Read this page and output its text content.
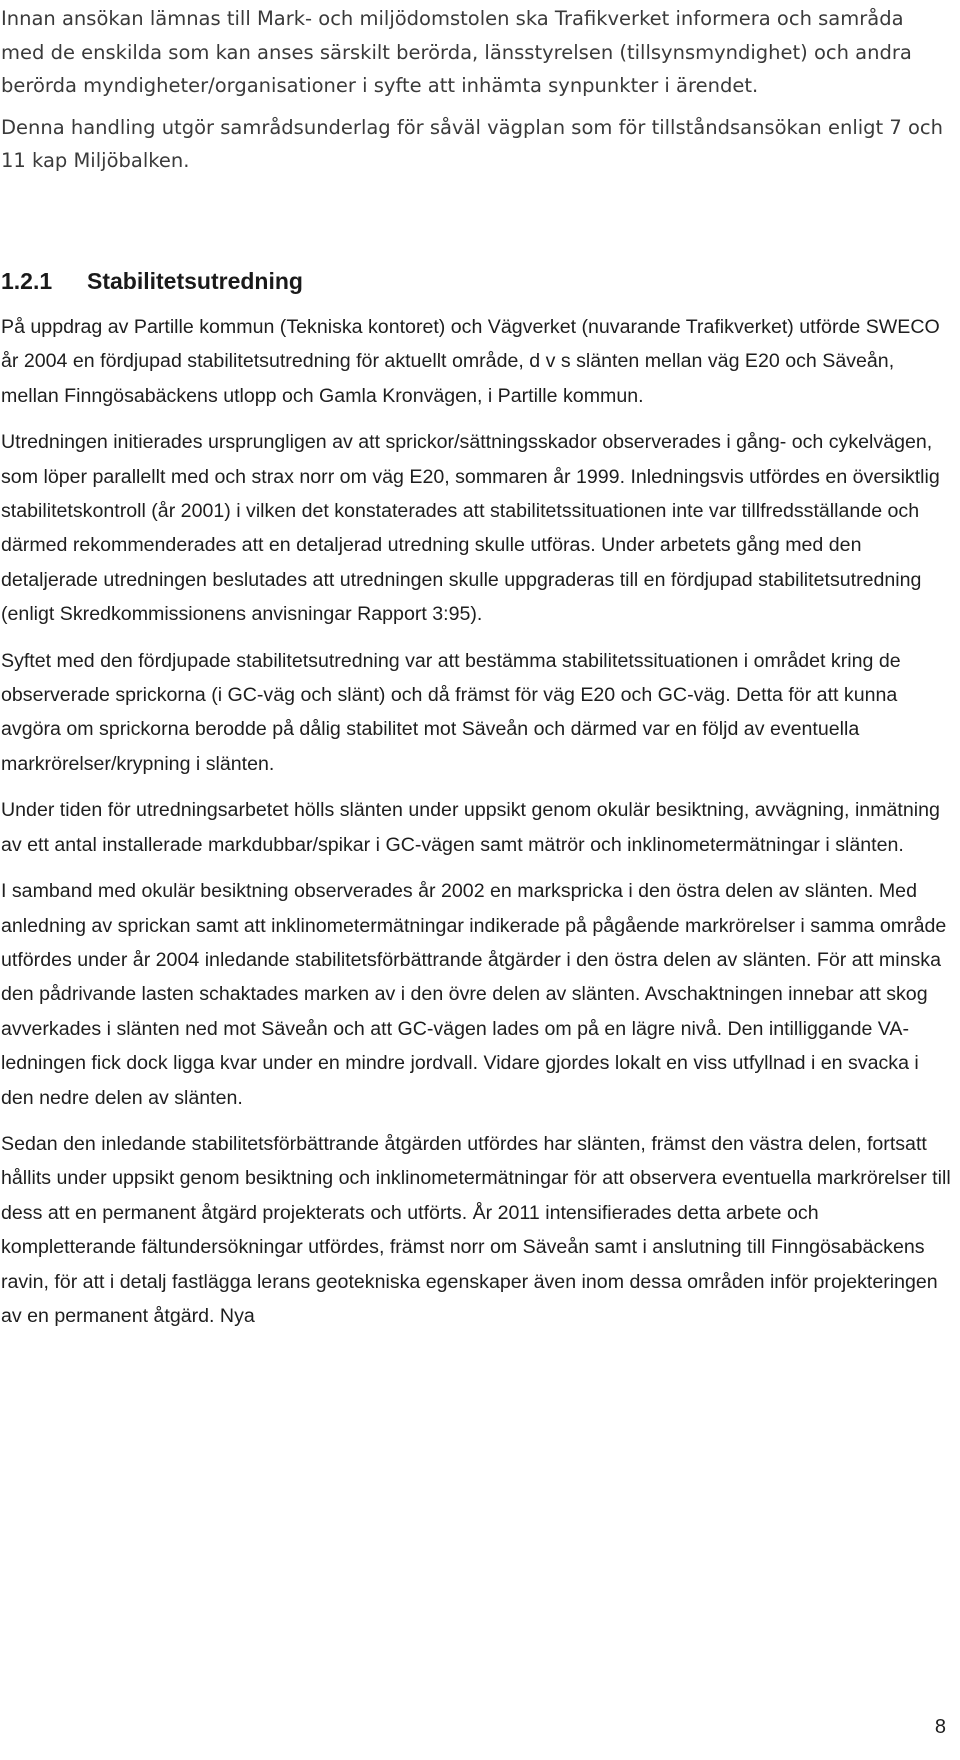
Innan ansökan lämnas till Mark- och miljödomstolen ska Trafikverket informera och samråda med de enskilda som kan anses särskilt berörda, länsstyrelsen (tillsynsmyndighet) och andra berörda myndigheter/organisationer i syfte att inhämta synpunkter i ärendet.

Denna handling utgör samrådsunderlag för såväl vägplan som för tillståndsansökan enligt 7 och 11 kap Miljöbalken.

1.2.1 Stabilitetsutredning

På uppdrag av Partille kommun (Tekniska kontoret) och Vägverket (nuvarande Trafikverket) utförde SWECO år 2004 en fördjupad stabilitetsutredning för aktuellt område, d v s slänten mellan väg E20 och Säveån, mellan Finngösabäckens utlopp och Gamla Kronvägen, i Partille kommun.

Utredningen initierades ursprungligen av att sprickor/sättningsskador observerades i gång- och cykelvägen, som löper parallellt med och strax norr om väg E20, sommaren år 1999. Inledningsvis utfördes en översiktlig stabilitetskontroll (år 2001) i vilken det konstaterades att stabilitetssituationen inte var tillfredsställande och därmed rekommenderades att en detaljerad utredning skulle utföras. Under arbetets gång med den detaljerade utredningen beslutades att utredningen skulle uppgraderas till en fördjupad stabilitetsutredning (enligt Skredkommissionens anvisningar Rapport 3:95).

Syftet med den fördjupade stabilitetsutredning var att bestämma stabilitetssituationen i området kring de observerade sprickorna (i GC-väg och slänt) och då främst för väg E20 och GC-väg. Detta för att kunna avgöra om sprickorna berodde på dålig stabilitet mot Säveån och därmed var en följd av eventuella markrörelser/krypning i slänten.

Under tiden för utredningsarbetet hölls slänten under uppsikt genom okulär besiktning, avvägning, inmätning av ett antal installerade markdubbar/spikar i GC-vägen samt mätrör och inklinometermätningar i slänten.

I samband med okulär besiktning observerades år 2002 en markspricka i den östra delen av slänten. Med anledning av sprickan samt att inklinometermätningar indikerade på pågående markrörelser i samma område utfördes under år 2004 inledande stabilitetsförbättrande åtgärder i den östra delen av slänten. För att minska den pådrivande lasten schaktades marken av i den övre delen av slänten. Avschaktningen innebar att skog avverkades i slänten ned mot Säveån och att GC-vägen lades om på en lägre nivå. Den intilliggande VA-ledningen fick dock ligga kvar under en mindre jordvall. Vidare gjordes lokalt en viss utfyllnad i en svacka i den nedre delen av slänten.

Sedan den inledande stabilitetsförbättrande åtgärden utfördes har slänten, främst den västra delen, fortsatt hållits under uppsikt genom besiktning och inklinometermätningar för att observera eventuella markrörelser till dess att en permanent åtgärd projekterats och utförts. År 2011 intensifierades detta arbete och kompletterande fältundersökningar utfördes, främst norr om Säveån samt i anslutning till Finngösabäckens ravin, för att i detalj fastlägga lerans geotekniska egenskaper även inom dessa områden inför projekteringen av en permanent åtgärd. Nya

8
